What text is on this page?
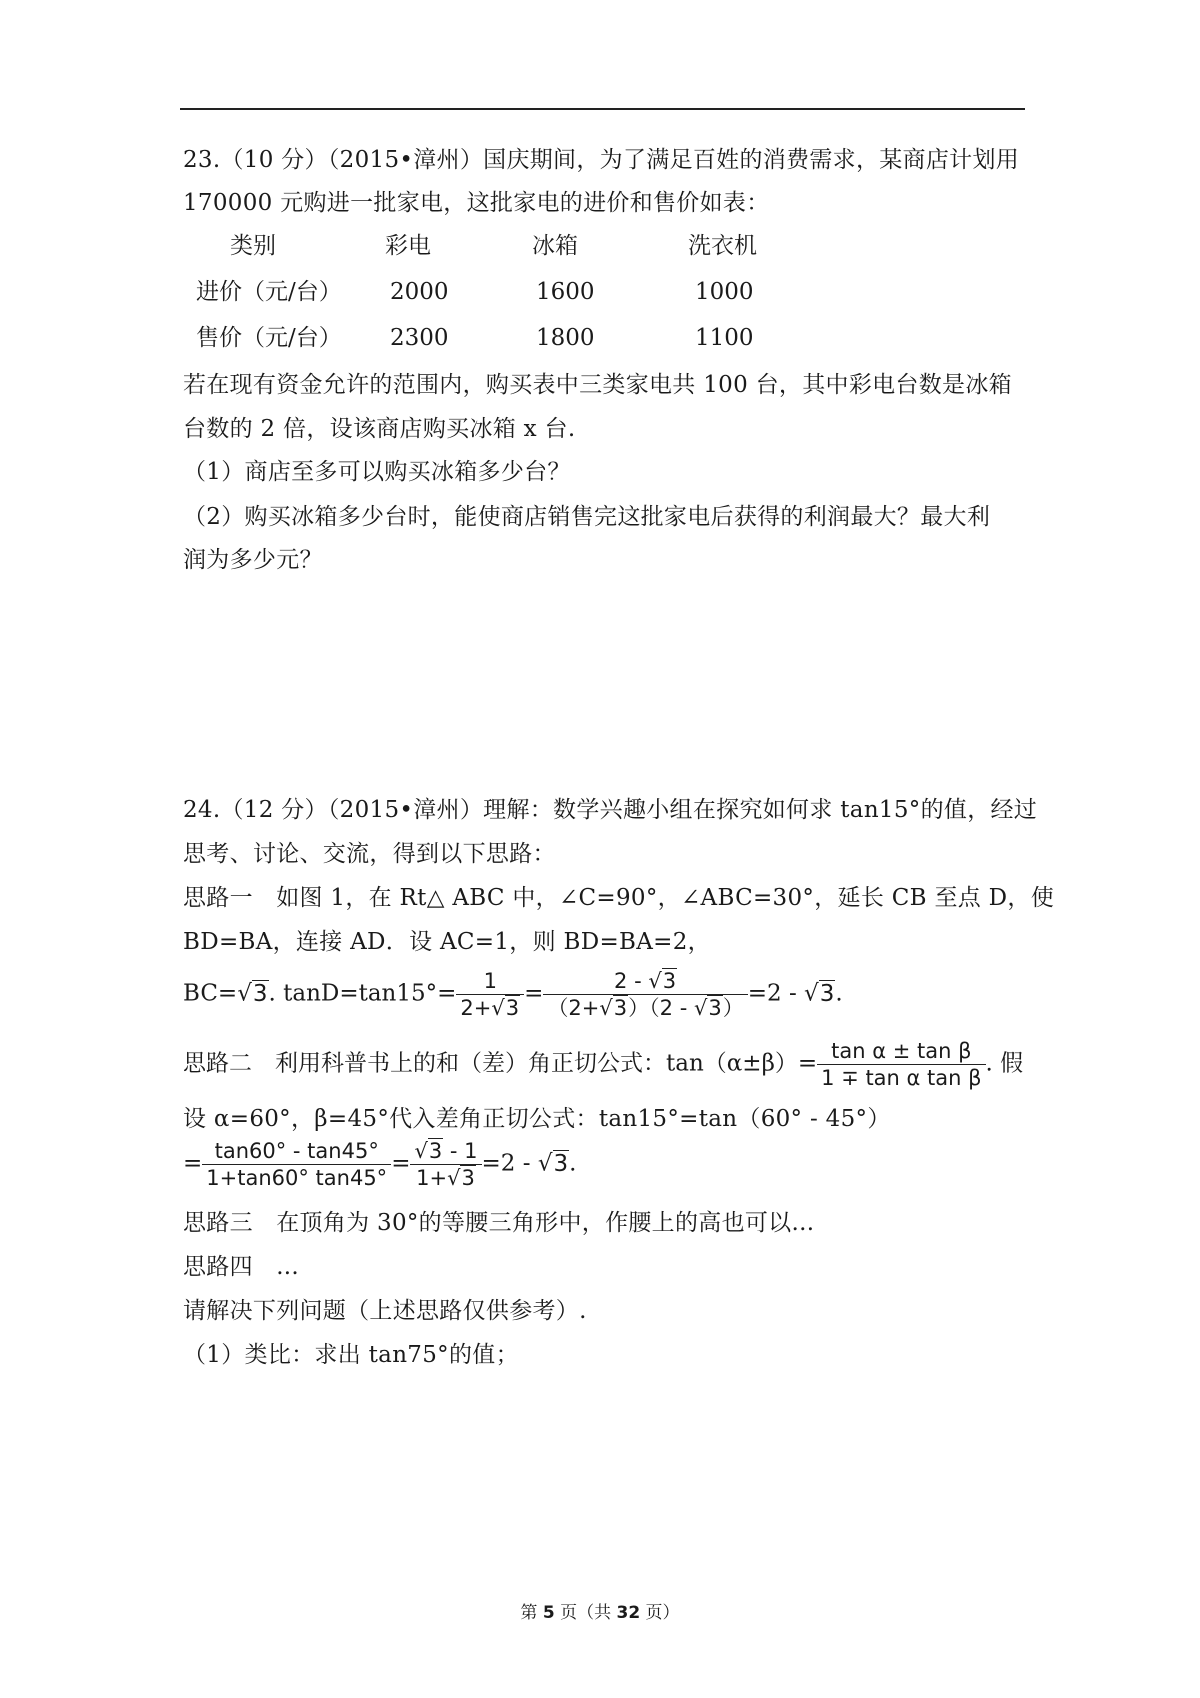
23.（10 分）（2015•漳州）国庆期间，为了满足百姓的消费需求，某商店计划用
170000 元购进一批家电，这批家电的进价和售价如表：
类别	彩电	冰箱	洗衣机
进价（元/台） 2000	1600	1000
售价（元/台） 2300	1800	1100
若在现有资金允许的范围内，购买表中三类家电共 100 台，其中彩电台数是冰箱
台数的 2 倍，设该商店购买冰箱 x 台.
（1）商店至多可以购买冰箱多少台？
（2）购买冰箱多少台时，能使商店销售完这批家电后获得的利润最大？最大利
润为多少元？
24.（12 分）（2015•漳州）理解：数学兴趣小组在探究如何求 tan15°的值，经过
思考、讨论、交流，得到以下思路：
思路一　如图 1，在 Rt△ ABC 中，∠C=90°，∠ABC=30°，延长 CB 至点 D，使
BD=BA，连接 AD．设 AC=1，则 BD=BA=2，
BC=√3. $\tan D=\tan 15^\circ= \frac{1}{2+√3} = \frac{2 - √3}{(2+√3)(2 - √3)} =2 - √3$.
思路二　利用科普书上的和（差）角正切公式：$\tan(\alpha\pm\beta)= \frac{\text{tan α ± tan β}}{\text{1 ∓ tan α tan β}}$ . 假
设 α=60°，β=45°代入差角正切公式：tan15°=tan（60° - 45°）
= $\frac{\tan 60^\circ - \tan 45^\circ}{1+\tan 60^\circ \tan 45^\circ} = \frac{√3 - 1}{1+√3} =2 - √3$.
思路三　在顶角为 30°的等腰三角形中，作腰上的高也可以...
思路四　...
请解决下列问题（上述思路仅供参考）.
（1）类比：求出 tan75°的值；
第 5 页（共 32 页）
